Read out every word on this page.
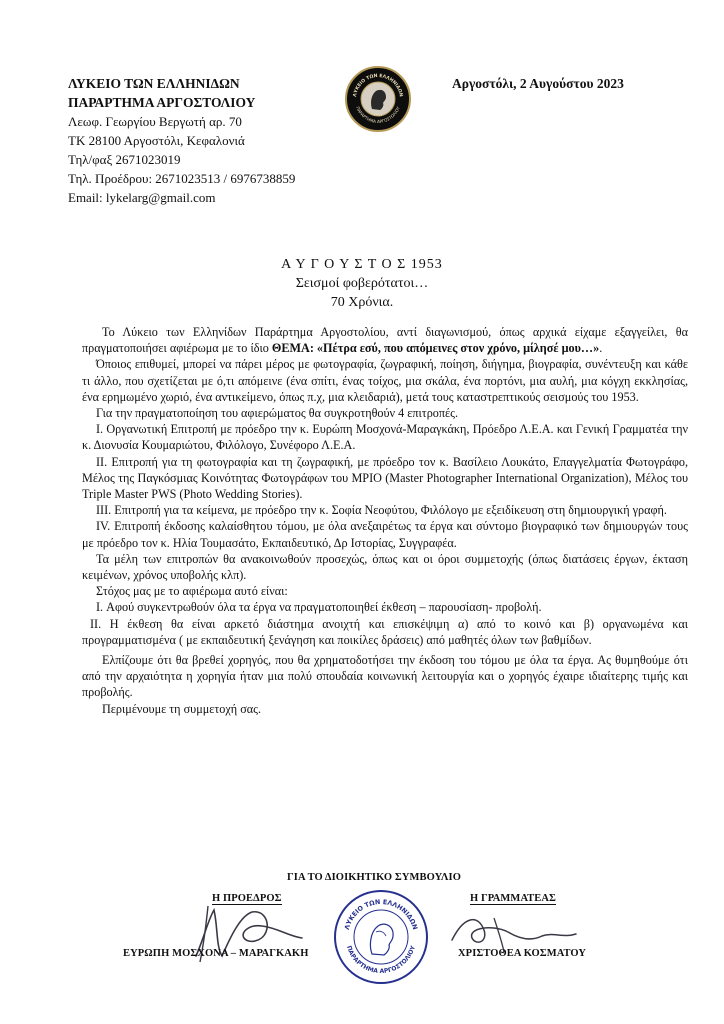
ΛΥΚΕΙΟ ΤΩΝ ΕΛΛΗΝΙΔΩΝ
ΠΑΡΑΡΤΗΜΑ ΑΡΓΟΣΤΟΛΙΟΥ
Λεωφ. Γεωργίου Βεργωτή αρ. 70
ΤΚ 28100 Αργοστόλι, Κεφαλονιά
Τηλ/φαξ 2671023019
Τηλ. Προέδρου: 2671023513 / 6976738859
Email: lykelarg@gmail.com
ΛΥΚΕΙΟ ΤΩΝ ΕΛΛΗΝΙΔΩΝ
ΠΑΡΑΡΤΗΜΑ ΑΡΓΟΣΤΟΛΙΟΥ
1911
Αργοστόλι, 2 Αυγούστου 2023
Α Υ Γ Ο Υ Σ Τ Ο Σ 1953
Σεισμοί φοβερότατοι…
70 Χρόνια.

Το Λύκειο των Ελληνίδων Παράρτημα Αργοστολίου, αντί διαγωνισμού, όπως αρχικά είχαμε εξαγγείλει, θα πραγματοποιήσει αφιέρωμα με το ίδιο ΘΕΜΑ: «Πέτρα εσύ, που απόμεινες στον χρόνο, μίλησέ μου…».

Όποιος επιθυμεί, μπορεί να πάρει μέρος με φωτογραφία, ζωγραφική, ποίηση, διήγημα, βιογραφία, συνέντευξη και κάθε τι άλλο, που σχετίζεται με ό,τι απόμεινε (ένα σπίτι, ένας τοίχος, μια σκάλα, ένα πορτόνι, μια αυλή, μια κόγχη εκκλησίας, ένα ερημωμένο χωριό, ένα αντικείμενο, όπως π.χ, μια κλειδαριά), μετά τους καταστρεπτικούς σεισμούς του 1953.

Για την πραγματοποίηση του αφιερώματος θα συγκροτηθούν 4 επιτροπές.

I. Οργανωτική Επιτροπή με πρόεδρο την κ. Ευρώπη Μοσχονά-Μαραγκάκη, Πρόεδρο Λ.Ε.Α. και Γενική Γραμματέα την κ. Διονυσία Κουμαριώτου, Φιλόλογο, Συνέφορο Λ.Ε.Α.

II. Επιτροπή για τη φωτογραφία και τη ζωγραφική, με πρόεδρο τον κ. Βασίλειο Λουκάτο, Επαγγελματία Φωτογράφο, Μέλος της Παγκόσμιας Κοινότητας Φωτογράφων του ΜΡΙΟ (Master Photographer International Organization), Μέλος του Triple Master PWS (Photo Wedding Stories).

III. Επιτροπή για τα κείμενα, με πρόεδρο την κ. Σοφία Νεοφύτου, Φιλόλογο με εξειδίκευση στη δημιουργική γραφή.

IV. Επιτροπή έκδοσης καλαίσθητου τόμου, με όλα ανεξαιρέτως τα έργα και σύντομο βιογραφικό των δημιουργών τους με πρόεδρο τον κ. Ηλία Τουμασάτο, Εκπαιδευτικό, Δρ Ιστορίας, Συγγραφέα.

Τα μέλη των επιτροπών θα ανακοινωθούν προσεχώς, όπως και οι όροι συμμετοχής (όπως διατάσεις έργων, έκταση κειμένων, χρόνος υποβολής κλπ).

Στόχος μας με το αφιέρωμα αυτό είναι:

I. Αφού συγκεντρωθούν όλα τα έργα να πραγματοποιηθεί έκθεση – παρουσίαση- προβολή.

II. Η έκθεση θα είναι αρκετό διάστημα ανοιχτή και επισκέψιμη α) από το κοινό και β) οργανωμένα και προγραμματισμένα ( με εκπαιδευτική ξενάγηση και ποικίλες δράσεις) από μαθητές όλων των βαθμίδων.

Ελπίζουμε ότι θα βρεθεί χορηγός, που θα χρηματοδοτήσει την έκδοση του τόμου με όλα τα έργα. Ας θυμηθούμε ότι από την αρχαιότητα η χορηγία ήταν μια πολύ σπουδαία κοινωνική λειτουργία και ο χορηγός έχαιρε ιδιαίτερης τιμής και προβολής.

Περιμένουμε τη συμμετοχή σας.

ΓΙΑ ΤΟ ΔΙΟΙΚΗΤΙΚΟ ΣΥΜΒΟΥΛΙΟ
Η ΠΡΟΕΔΡΟΣ	Η ΓΡΑΜΜΑΤΕΑΣ
ΛΥΚΕΙΟ ΤΩΝ ΕΛΛΗΝΙΔΩΝ
ΠΑΡΑΡΤΗΜΑ ΑΡΓΟΣΤΟΛΙΟΥ
ΕΥΡΩΠΗ ΜΟΣΧΟΝΑ – ΜΑΡΑΓΚΑΚΗ	ΧΡΙΣΤΟΘΕΑ ΚΟΣΜΑΤΟΥ
